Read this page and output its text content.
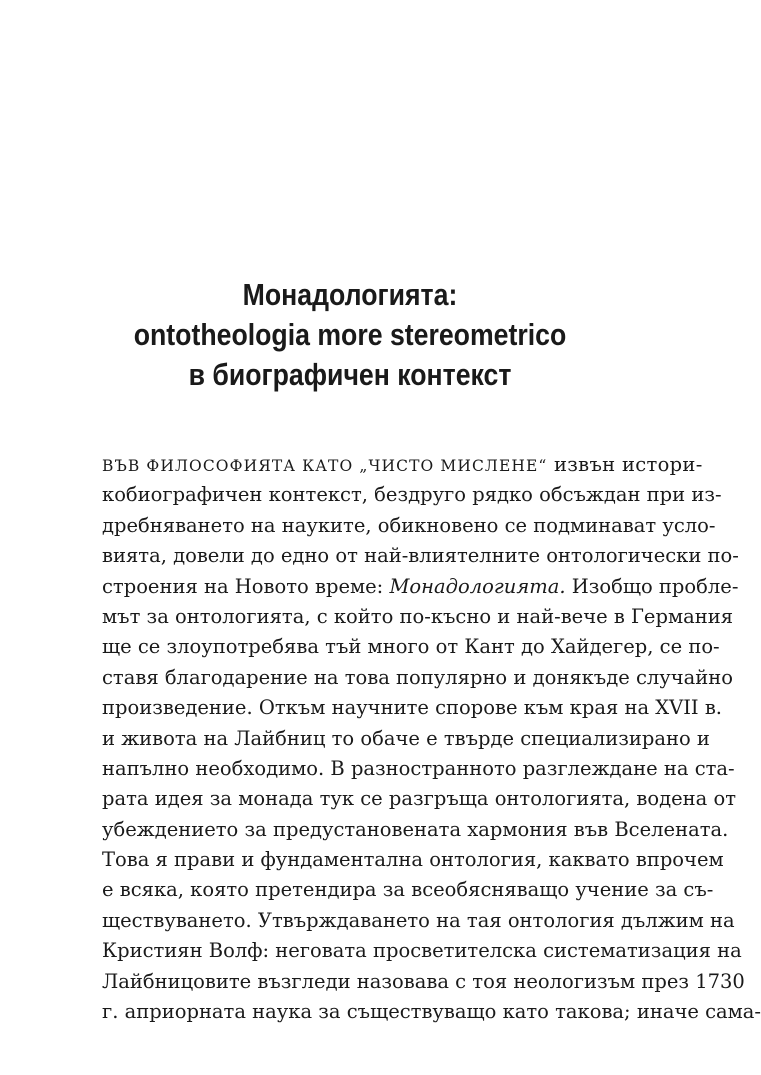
Монадологията:
ontotheologia more stereometrico
в биографичен контекст
ВЪВ ФИЛОСОФИЯТА КАТО „ЧИСТО МИСЛЕНЕ“ извън истори-
кобиографичен контекст, бездруго рядко обсъждан при из-
дребняването на науките, обикновено се подминават усло-
вията, довели до едно от най-влиятелните онтологически по-
строения на Новото време: Монадологията. Изобщо пробле-
мът за онтологията, с който по-късно и най-вече в Германия
ще се злоупотребява тъй много от Кант до Хайдегер, се по-
ставя благодарение на това популярно и донякъде случайно
произведение. Откъм научните спорове към края на XVII в.
и живота на Лайбниц то обаче е твърде специализирано и
напълно необходимо. В разностранното разглеждане на ста-
рата идея за монада тук се разгръща онтологията, водена от
убеждението за предустановената хармония във Вселената.
Това я прави и фундаментална онтология, каквато впрочем
е всяка, която претендира за всеобясняващо учение за съ-
ществуването. Утвърждаването на тая онтология дължим на
Кристиян Волф: неговата просветителска систематизация на
Лайбницовите възгледи назовава с тоя неологизъм през 1730
г. априорната наука за съществуващо като такова; иначе сама-
